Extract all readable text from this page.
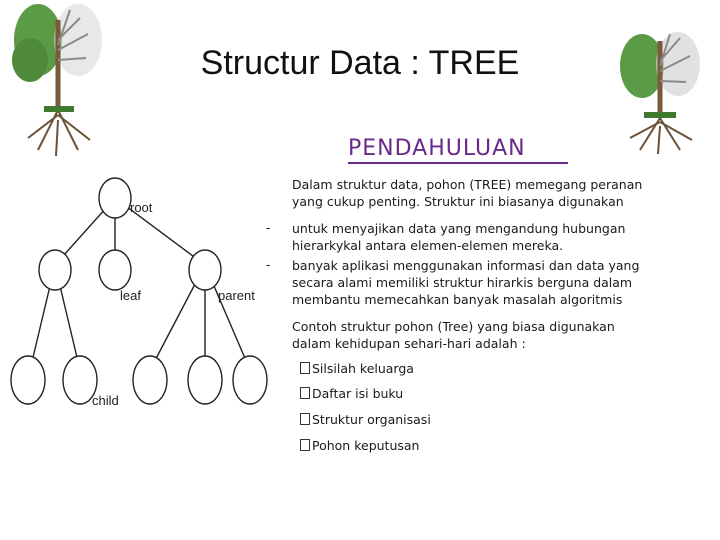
Structur Data : TREE
PENDAHULUAN
root
leaf	parent
child
Dalam struktur data, pohon (TREE) memegang peranan yang cukup penting. Struktur ini biasanya digunakan
- untuk menyajikan data yang mengandung hubungan hierarkykal antara elemen-elemen mereka.
- banyak aplikasi menggunakan informasi dan data yang secara alami memiliki struktur hirarkis berguna dalam membantu memecahkan banyak masalah algoritmis
Contoh struktur pohon (Tree) yang biasa digunakan dalam kehidupan sehari-hari adalah :
Silsilah keluarga
Daftar isi buku
Struktur organisasi
Pohon keputusan
